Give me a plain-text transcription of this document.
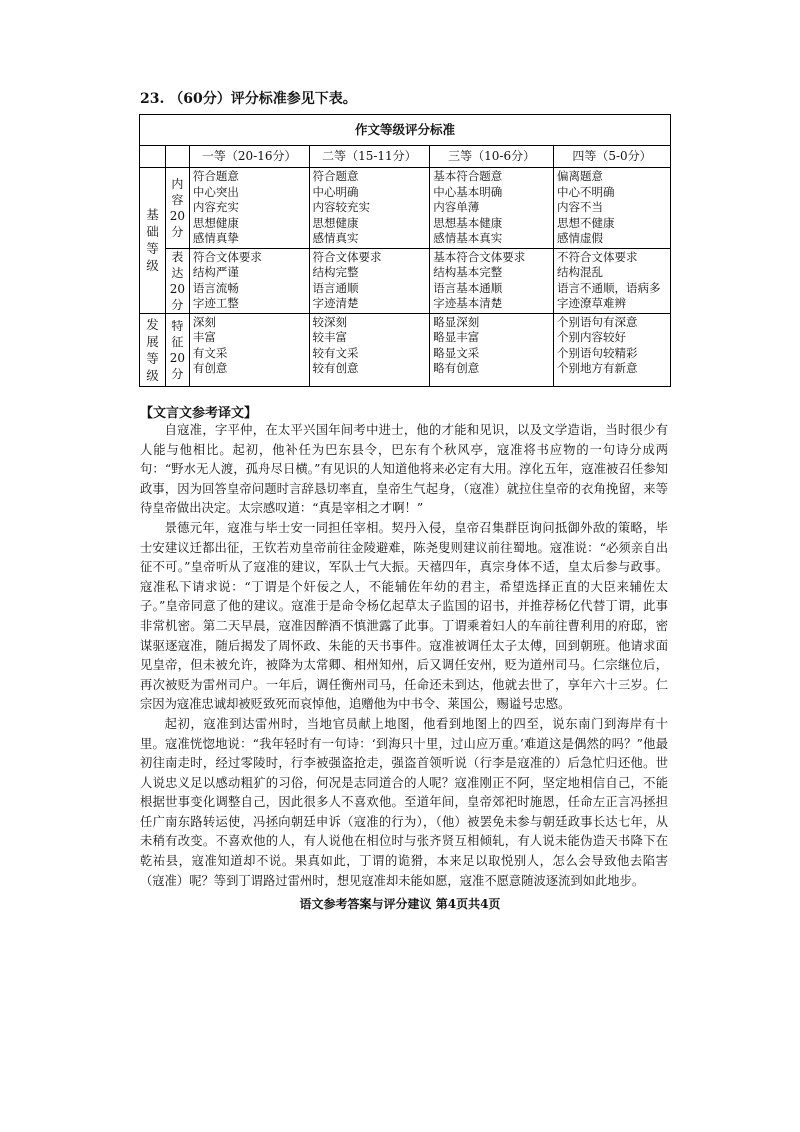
23. （60分）评分标准参见下表。
作文等级评分标准					
		一等（20-16分）	二等（15-11分）	三等（10-6分）	四等（5-0分）

基
础
等
级	内
容
20
分	符合题意
中心突出
内容充实
思想健康
感情真挚	符合题意
中心明确
内容较充实
思想健康
感情真实	基本符合题意
中心基本明确
内容单薄
思想基本健康
感情基本真实	偏离题意
中心不明确
内容不当
思想不健康
感情虚假

	表
达
20
分	符合文体要求
结构严谨
语言流畅
字迹工整	符合文体要求
结构完整
语言通顺
字迹清楚	基本符合文体要求
结构基本完整
语言基本通顺
字迹基本清楚	不符合文体要求
结构混乱
语言不通顺，语病多
字迹潦草难辨

发
展
等
级	特
征
20
分	深刻
丰富
有文采
有创意	较深刻
较丰富
较有文采
较有创意	略显深刻
略显丰富
略显文采
略有创意	个别语句有深意
个别内容较好
个别语句较精彩
个别地方有新意
【文言文参考译文】

自寇准，字平仲，在太平兴国年间考中进士，他的才能和见识，以及文学造诣，当时很少有人能与他相比。起初，他补任为巴东县令，巴东有个秋风亭，寇准将书应物的一句诗分成两句：“野水无人渡，孤舟尽日横。”有见识的人知道他将来必定有大用。淳化五年，寇准被召任参知政事，因为回答皇帝问题时言辞恳切率直，皇帝生气起身，（寇准）就拉住皇帝的衣角挽留，来等待皇帝做出决定。太宗感叹道：“真是宰相之才啊！”

景德元年，寇准与毕士安一同担任宰相。契丹入侵，皇帝召集群臣询问抵御外敌的策略，毕士安建议迁都出征，王钦若劝皇帝前往金陵避难，陈尧叟则建议前往蜀地。寇准说：“必须亲自出征不可。”皇帝听从了寇准的建议，军队士气大振。天禧四年，真宗身体不适，皇太后参与政事。寇准私下请求说：“丁谓是个奸佞之人，不能辅佐年幼的君主，希望选择正直的大臣来辅佐太子。”皇帝同意了他的建议。寇准于是命令杨亿起草太子监国的诏书，并推荐杨亿代替丁谓，此事非常机密。第二天早晨，寇准因醉酒不慎泄露了此事。丁谓乘着妇人的车前往曹利用的府邸，密谋驱逐寇准，随后揭发了周怀政、朱能的天书事件。寇准被调任太子太傅，回到朝班。他请求面见皇帝，但未被允许，被降为太常卿、相州知州，后又调任安州，贬为道州司马。仁宗继位后，再次被贬为雷州司户。一年后，调任衡州司马，任命还未到达，他就去世了，享年六十三岁。仁宗因为寇准忠诚却被贬致死而哀悼他，追赠他为中书令、莱国公，赐谥号忠愍。

起初，寇准到达雷州时，当地官员献上地图，他看到地图上的四至，说东南门到海岸有十里。寇准恍惚地说：“我年轻时有一句诗：‘到海只十里，过山应万重。’难道这是偶然的吗？”他最初往南走时，经过零陵时，行李被强盗抢走，强盗首领听说（行李是寇准的）后急忙归还他。世人说忠义足以感动粗犷的习俗，何况是志同道合的人呢？寇准刚正不阿，坚定地相信自己，不能根据世事变化调整自己，因此很多人不喜欢他。至道年间，皇帝郊祀时施恩，任命左正言冯拯担任广南东路转运使，冯拯向朝廷申诉（寇准的行为），（他）被罢免未参与朝廷政事长达七年，从未稍有改变。不喜欢他的人，有人说他在相位时与张齐贤互相倾轧，有人说未能伪造天书降下在乾祐县，寇准知道却不说。果真如此，丁谓的诡猾，本来足以取悦别人，怎么会导致他去陷害（寇准）呢？等到丁谓路过雷州时，想见寇准却未能如愿，寇准不愿意随波逐流到如此地步。

语文参考答案与评分建议 第4页共4页
